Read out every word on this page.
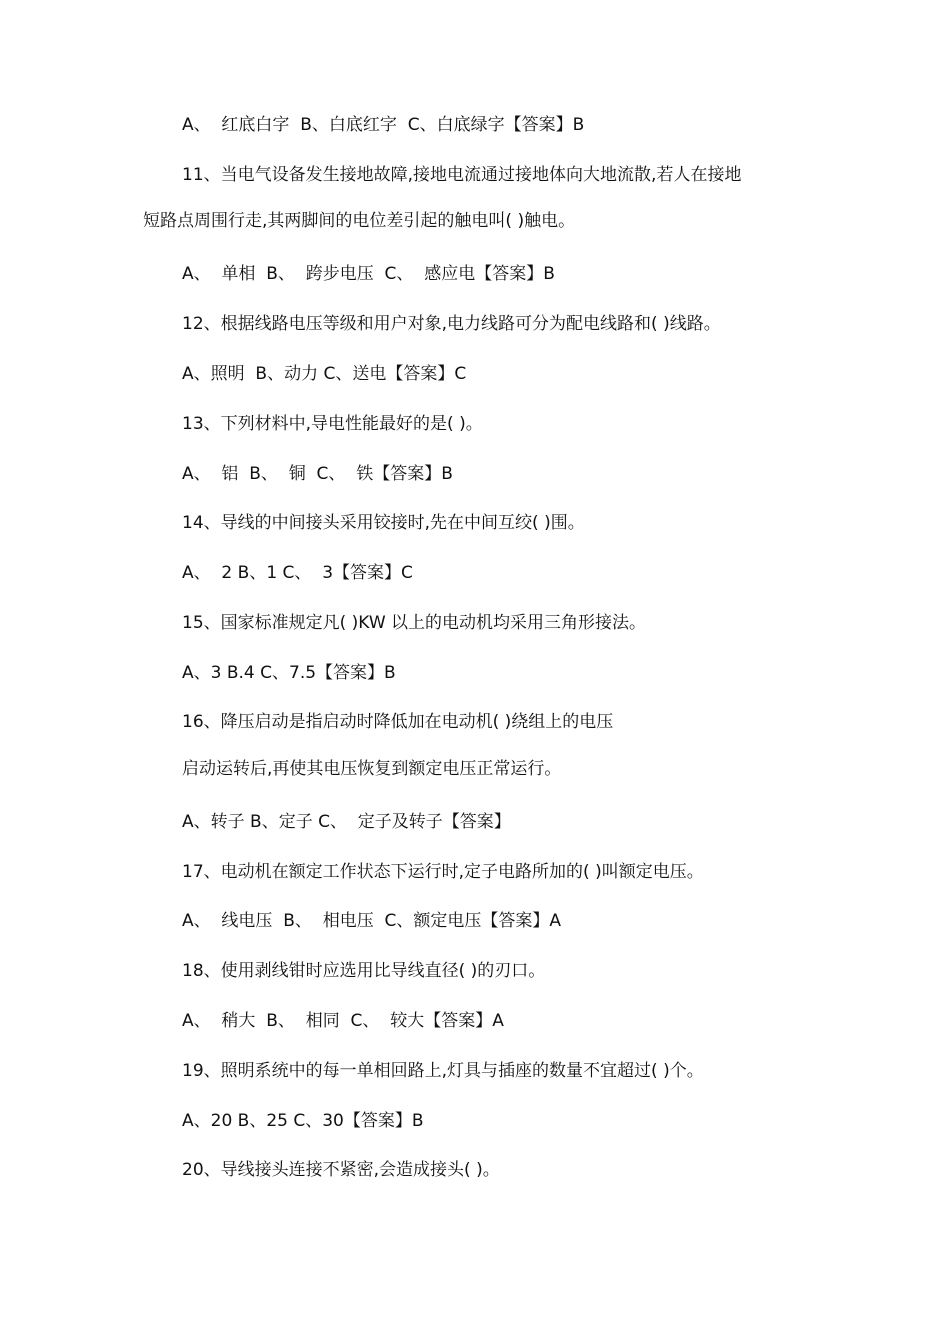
A、  红底白字  B、白底红字  C、白底绿字【答案】B
11、当电气设备发生接地故障,接地电流通过接地体向大地流散,若人在接地
短路点周围行走,其两脚间的电位差引起的触电叫( )触电。
A、  单相  B、  跨步电压  C、  感应电【答案】B
12、根据线路电压等级和用户对象,电力线路可分为配电线路和( )线路。
A、照明  B、动力 C、送电【答案】C
13、下列材料中,导电性能最好的是( )。
A、  铝  B、  铜  C、  铁【答案】B
14、导线的中间接头采用铰接时,先在中间互绞( )围。
A、  2 B、1 C、  3【答案】C
15、国家标准规定凡( )KW 以上的电动机均采用三角形接法。
A、3 B.4 C、7.5【答案】B
16、降压启动是指启动时降低加在电动机( )绕组上的电压
启动运转后,再使其电压恢复到额定电压正常运行。
A、转子 B、定子 C、  定子及转子【答案】
17、电动机在额定工作状态下运行时,定子电路所加的( )叫额定电压。
A、  线电压  B、  相电压  C、额定电压【答案】A
18、使用剥线钳时应选用比导线直径( )的刃口。
A、  稍大  B、  相同  C、  较大【答案】A
19、照明系统中的每一单相回路上,灯具与插座的数量不宜超过( )个。
A、20 B、25 C、30【答案】B
20、导线接头连接不紧密,会造成接头( )。
